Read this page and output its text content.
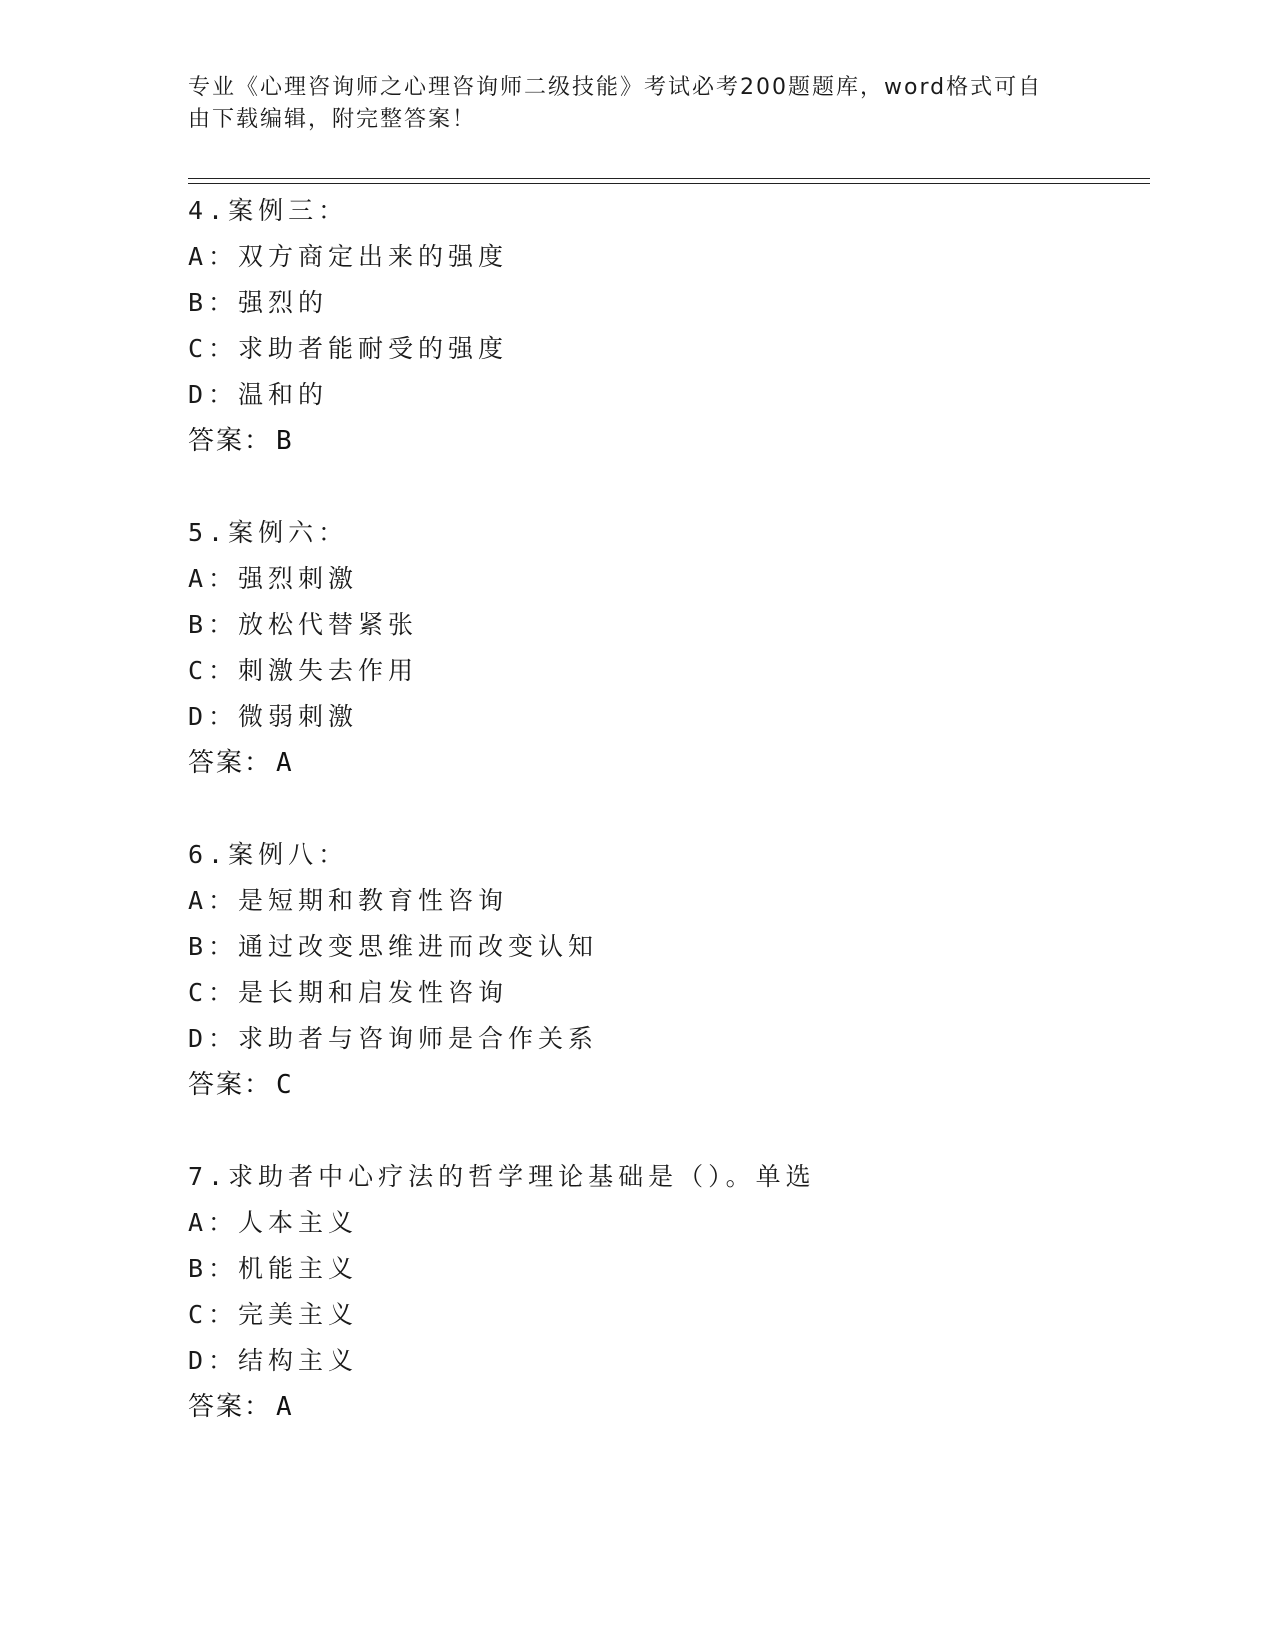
专业《心理咨询师之心理咨询师二级技能》考试必考200题题库，word格式可自
由下载编辑，附完整答案！
4.案例三：
A：双方商定出来的强度
B：强烈的
C：求助者能耐受的强度
D：温和的
答案： B
5.案例六：
A：强烈刺激
B：放松代替紧张
C：刺激失去作用
D：微弱刺激
答案： A
6.案例八：
A：是短期和教育性咨询
B：通过改变思维进而改变认知
C：是长期和启发性咨询
D：求助者与咨询师是合作关系
答案： C
7.求助者中心疗法的哲学理论基础是（）。单选
A：人本主义
B：机能主义
C：完美主义
D：结构主义
答案： A
